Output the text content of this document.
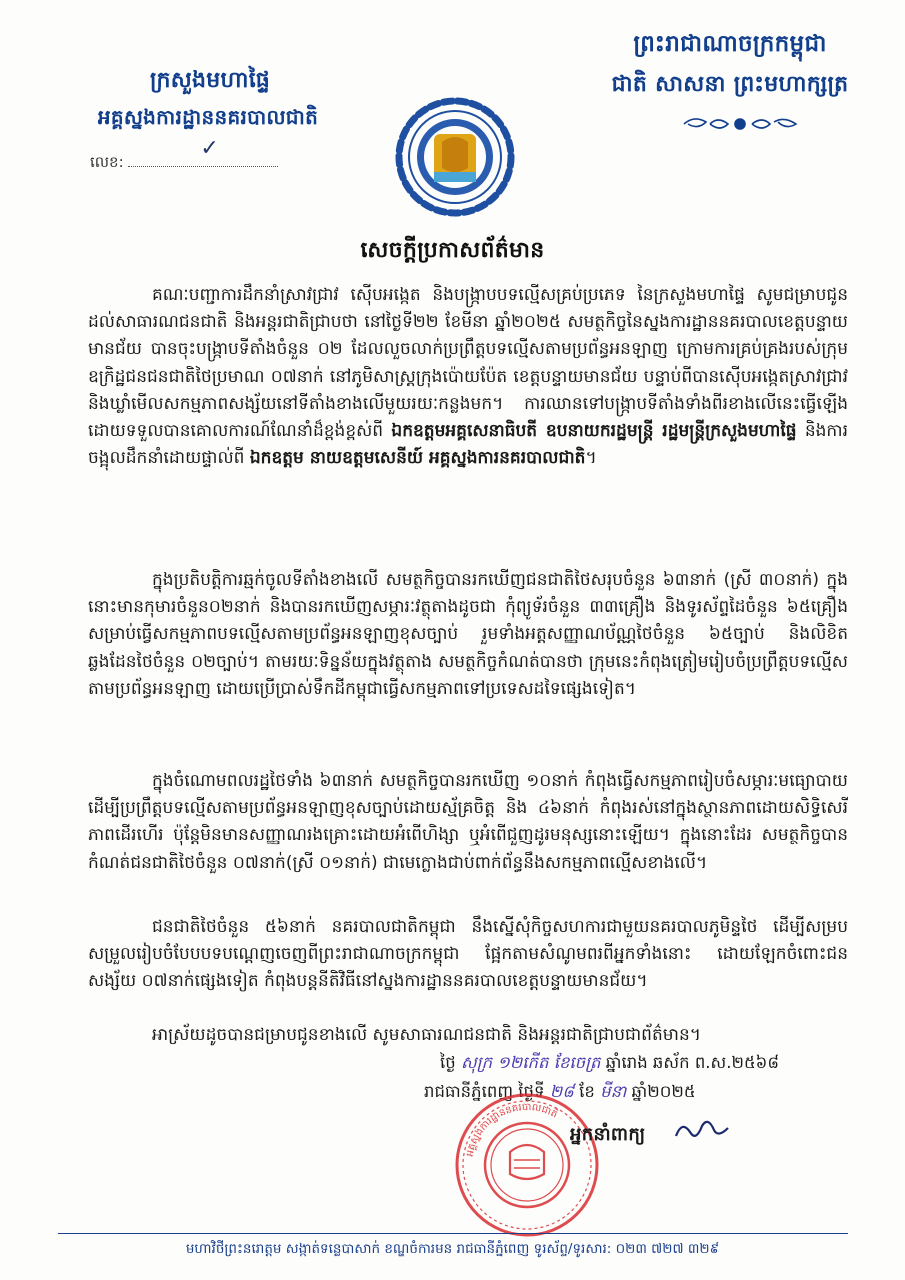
ក្រសួងមហាផ្ទៃ
អគ្គស្នងការដ្ឋាននគរបាលជាតិ
លេខ:
✓
ព្រះរាជាណាចក្រកម្ពុជា
ជាតិ សាសនា ព្រះមហាក្សត្រ
សេចក្តីប្រកាសព័ត៌មាន
គណៈបញ្ជាការដឹកនាំស្រាវជ្រាវ ស៊ើបអង្កេត និងបង្ក្រាបបទល្មើសគ្រប់ប្រភេទ នៃក្រសួងមហាផ្ទៃ សូមជម្រាបជូនដល់សាធារណជនជាតិ និងអន្តរជាតិជ្រាបថា នៅថ្ងៃទី២២ ខែមីនា ឆ្នាំ២០២៥ សមត្ថកិច្ចនៃស្នងការដ្ឋាននគរបាលខេត្តបន្ទាយមានជ័យ បានចុះបង្ក្រាបទីតាំងចំនួន ០២ ដែលលួចលាក់ប្រព្រឹត្តបទល្មើសតាមប្រព័ន្ធអនឡាញ ក្រោមការគ្រប់គ្រងរបស់ក្រុមឧក្រិដ្ឋជនជនជាតិថៃប្រមាណ ០៧នាក់ នៅភូមិសាស្ត្រក្រុងប៉ោយប៉ែត ខេត្តបន្ទាយមានជ័យ បន្ទាប់ពីបានស៊ើបអង្កេតស្រាវជ្រាវ និងឃ្លាំមើលសកម្មភាពសង្ស័យនៅទីតាំងខាងលើមួយរយៈកន្លងមក។ ការឈានទៅបង្ក្រាបទីតាំងទាំងពីរខាងលើនេះធ្វើឡើងដោយទទួលបានគោលការណ៍ណែនាំដ៏ខ្ពង់ខ្ពស់ពី ឯកឧត្តមអគ្គសេនាធិបតី ឧបនាយករដ្ឋមន្ត្រី រដ្ឋមន្ត្រីក្រសួងមហាផ្ទៃ និងការចង្អុលដឹកនាំដោយផ្ទាល់ពី ឯកឧត្តម នាយឧត្តមសេនីយ៍ អគ្គស្នងការនគរបាលជាតិ។
ក្នុងប្រតិបត្តិការឆ្មក់ចូលទីតាំងខាងលើ សមត្ថកិច្ចបានរកឃើញជនជាតិថៃសរុបចំនួន ៦៣នាក់ (ស្រី ៣០នាក់) ក្នុងនោះមានកុមារចំនួន០២នាក់ និងបានរកឃើញសម្ភារៈវត្ថុតាងដូចជា កុំព្យូទ័រចំនួន ៣៣គ្រឿង និងទូរស័ព្ទដៃចំនួន ៦៥គ្រឿង សម្រាប់ធ្វើសកម្មភាពបទល្មើសតាមប្រព័ន្ធអនឡាញខុសច្បាប់ រួមទាំងអត្តសញ្ញាណប័ណ្ណថៃចំនួន ៦៥ច្បាប់ និងលិខិតឆ្លងដែនថៃចំនួន ០២ច្បាប់។ តាមរយៈទិន្នន័យក្នុងវត្ថុតាង សមត្ថកិច្ចកំណត់បានថា ក្រុមនេះកំពុងត្រៀមរៀបចំប្រព្រឹត្តបទល្មើសតាមប្រព័ន្ធអនឡាញ ដោយប្រើប្រាស់ទឹកដីកម្ពុជាធ្វើសកម្មភាពទៅប្រទេសដទៃផ្សេងទៀត។
ក្នុងចំណោមពលរដ្ឋថៃទាំង ៦៣នាក់ សមត្ថកិច្ចបានរកឃើញ ១០នាក់ កំពុងធ្វើសកម្មភាពរៀបចំសម្ភារៈមធ្យោបាយដើម្បីប្រព្រឹត្តបទល្មើសតាមប្រព័ន្ធអនឡាញខុសច្បាប់ដោយស្ម័គ្រចិត្ត និង ៤៦នាក់ កំពុងរស់នៅក្នុងស្ថានភាពដោយសិទ្ធិសេរីភាពដើរហើរ ប៉ុន្តែមិនមានសញ្ញាណរងគ្រោះដោយអំពើហិង្សា ឬអំពើជួញដូរមនុស្សនោះឡើយ។ ក្នុងនោះដែរ សមត្ថកិច្ចបានកំណត់ជនជាតិថៃចំនួន ០៧នាក់(ស្រី ០១នាក់) ជាមេក្លោងជាប់ពាក់ព័ន្ធនឹងសកម្មភាពល្មើសខាងលើ។
ជនជាតិថៃចំនួន ៥៦នាក់ នគរបាលជាតិកម្ពុជា នឹងស្នើសុំកិច្ចសហការជាមួយនគរបាលភូមិន្ទថៃ ដើម្បីសម្របសម្រួលរៀបចំបែបបទបណ្តេញចេញពីព្រះរាជាណាចក្រកម្ពុជា ផ្អែកតាមសំណូមពរពីអ្នកទាំងនោះ ដោយឡែកចំពោះជនសង្ស័យ ០៧នាក់ផ្សេងទៀត កំពុងបន្តនីតិវិធីនៅស្នងការដ្ឋាននគរបាលខេត្តបន្ទាយមានជ័យ។
អាស្រ័យដូចបានជម្រាបជូនខាងលើ សូមសាធារណជនជាតិ និងអន្តរជាតិជ្រាបជាព័ត៌មាន។
ថ្ងៃ សុក្រ ១២កើត ខែចេត្រ ឆ្នាំរោង ឆស័ក ព.ស.២៥៦៨
រាជធានីភ្នំពេញ ថ្ងៃទី ២៨ ខែ មីនា ឆ្នាំ២០២៥
អគ្គស្នងការដ្ឋាននគរបាលជាតិ
អ្នកនាំពាក្យ
មហាវិថីព្រះនរោត្តម សង្កាត់ទន្លេបាសាក់ ខណ្ឌចំការមន រាជធានីភ្នំពេញ ទូរស័ព្ទ/ទូរសារ: ០២៣ ៧២៧ ៣២៩
